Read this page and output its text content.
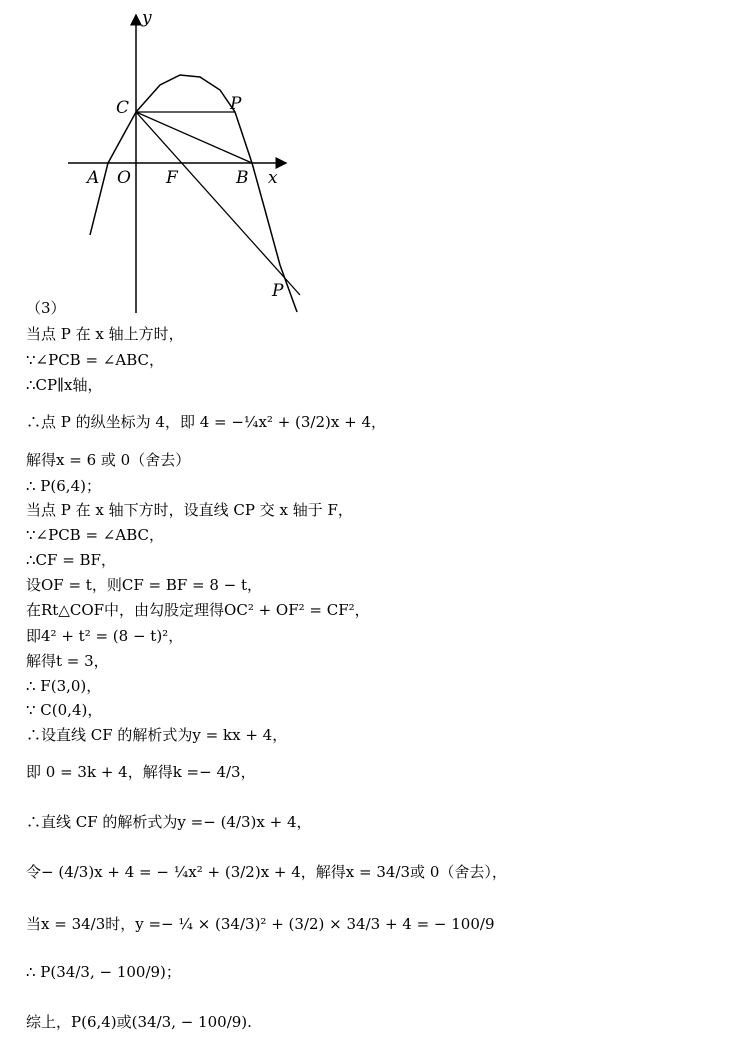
y
x
C	P
A O F	B
P
（3）
当点 P 在 x 轴上方时，
∵∠PCB = ∠ABC，
∴CP∥x轴，
∴点 P 的纵坐标为 4，即 4 = −¼x² + (3/2)x + 4，
解得x = 6 或 0（舍去）
∴ P(6,4)；
当点 P 在 x 轴下方时，设直线 CP 交 x 轴于 F，
∵∠PCB = ∠ABC，
∴CF = BF，
设OF = t，则CF = BF = 8 − t，
在Rt△COF中，由勾股定理得OC² + OF² = CF²，
即4² + t² = (8 − t)²，
解得t = 3，
∴ F(3,0)，
∵ C(0,4)，
∴设直线 CF 的解析式为y = kx + 4，
即 0 = 3k + 4，解得k =− 4/3，
∴直线 CF 的解析式为y =− (4/3)x + 4，
令− (4/3)x + 4 = − ¼x² + (3/2)x + 4，解得x = 34/3或 0（舍去），
当x = 34/3时，y =− ¼ × (34/3)² + (3/2) × 34/3 + 4 = − 100/9
∴ P(34/3, − 100/9)；
综上，P(6,4)或(34/3, − 100/9).
